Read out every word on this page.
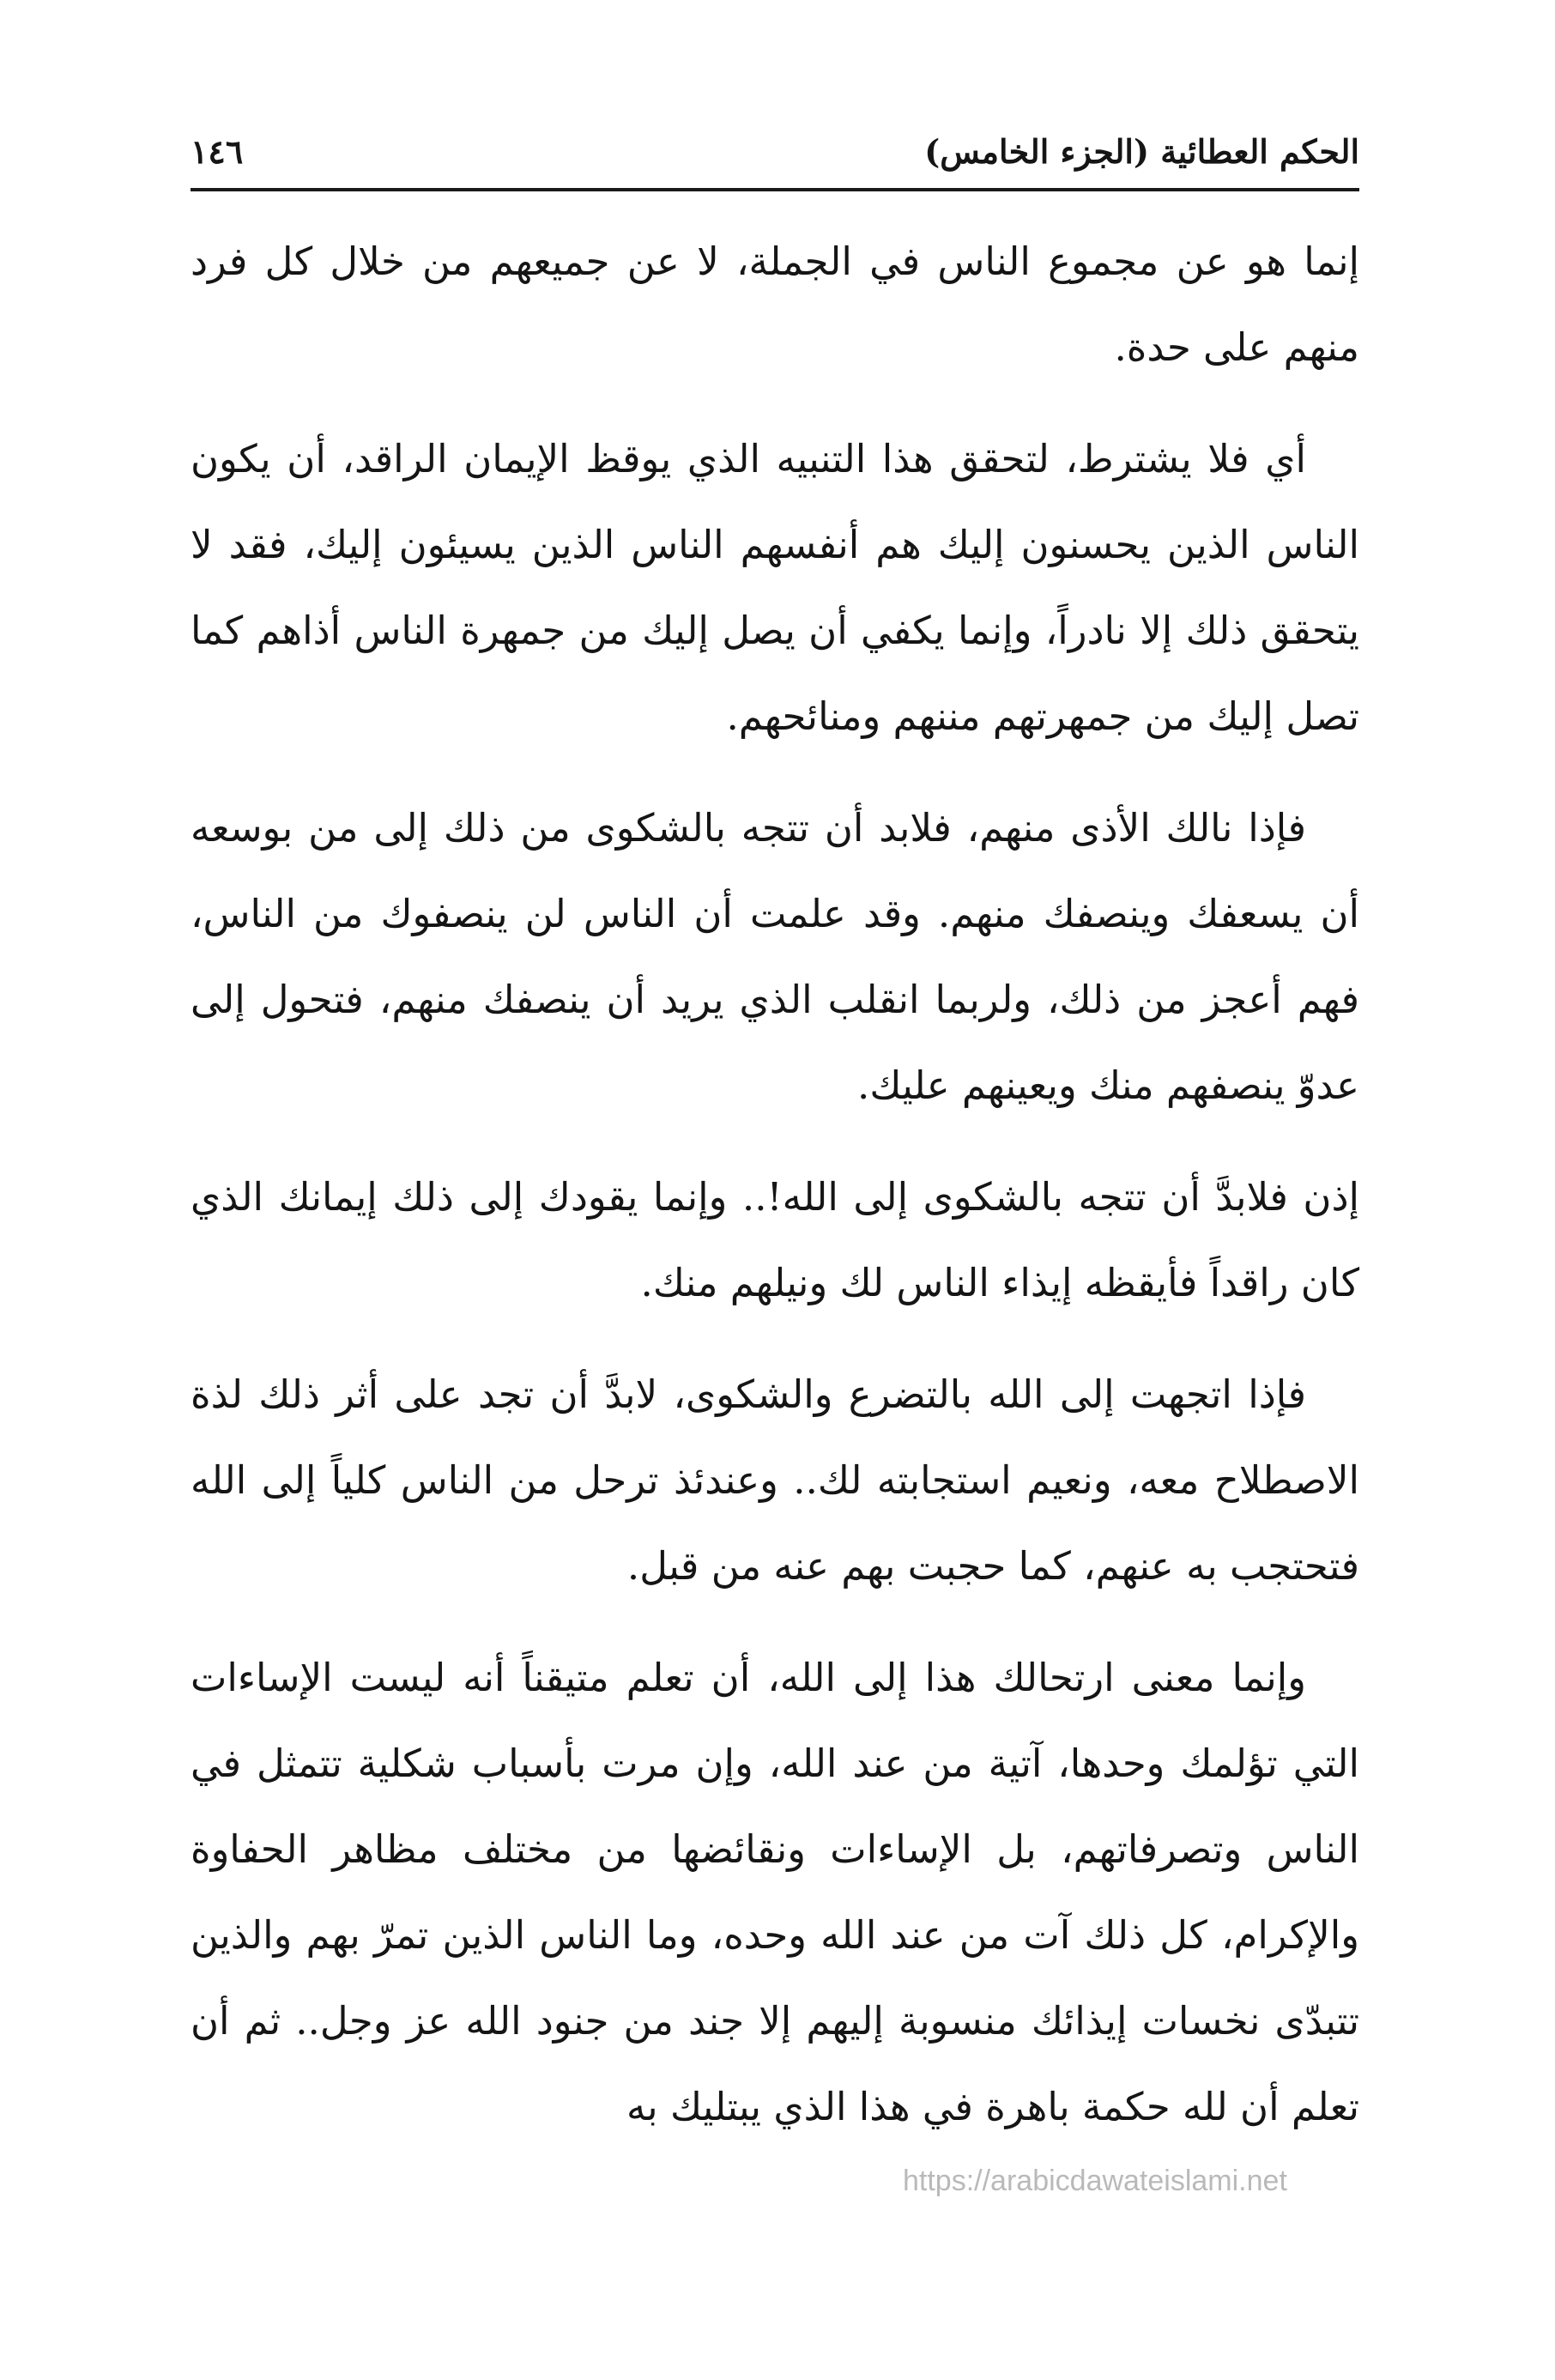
الحكم العطائية (الجزء الخامس)
١٤٦

إنما هو عن مجموع الناس في الجملة، لا عن جميعهم من خلال كل فرد منهم على حدة.

أي فلا يشترط، لتحقق هذا التنبيه الذي يوقظ الإيمان الراقد، أن يكون الناس الذين يحسنون إليك هم أنفسهم الناس الذين يسيئون إليك، فقد لا يتحقق ذلك إلا نادراً، وإنما يكفي أن يصل إليك من جمهرة الناس أذاهم كما تصل إليك من جمهرتهم مننهم ومنائحهم.

فإذا نالك الأذى منهم، فلابد أن تتجه بالشكوى من ذلك إلى من بوسعه أن يسعفك وينصفك منهم. وقد علمت أن الناس لن ينصفوك من الناس، فهم أعجز من ذلك، ولربما انقلب الذي يريد أن ينصفك منهم، فتحول إلى عدوّ ينصفهم منك ويعينهم عليك.

إذن فلابدَّ أن تتجه بالشكوى إلى الله!.. وإنما يقودك إلى ذلك إيمانك الذي كان راقداً فأيقظه إيذاء الناس لك ونيلهم منك.

فإذا اتجهت إلى الله بالتضرع والشكوى، لابدَّ أن تجد على أثر ذلك لذة الاصطلاح معه، ونعيم استجابته لك.. وعندئذ ترحل من الناس كلياً إلى الله فتحتجب به عنهم، كما حجبت بهم عنه من قبل.

وإنما معنى ارتحالك هذا إلى الله، أن تعلم متيقناً أنه ليست الإساءات التي تؤلمك وحدها، آتية من عند الله، وإن مرت بأسباب شكلية تتمثل في الناس وتصرفاتهم، بل الإساءات ونقائضها من مختلف مظاهر الحفاوة والإكرام، كل ذلك آت من عند الله وحده، وما الناس الذين تمرّ بهم والذين تتبدّى نخسات إيذائك منسوبة إليهم إلا جند من جنود الله عز وجل.. ثم أن تعلم أن لله حكمة باهرة في هذا الذي يبتليك به

https://arabicdawateislami.net
